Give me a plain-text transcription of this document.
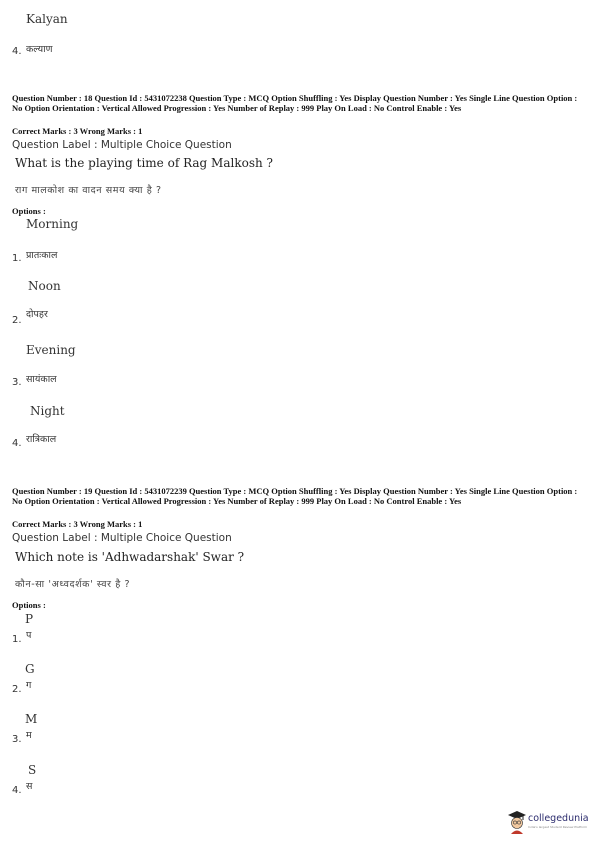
Kalyan
4. कल्याण
Question Number : 18 Question Id : 5431072238 Question Type : MCQ Option Shuffling : Yes Display Question Number : Yes Single Line Question Option : No Option Orientation : Vertical Allowed Progression : Yes Number of Replay : 999 Play On Load : No Control Enable : Yes
Correct Marks : 3 Wrong Marks : 1
Question Label : Multiple Choice Question
What is the playing time of Rag Malkosh ?
राग मालकोश का वादन समय क्या है ?
Options :
Morning
1. प्रातःकाल
Noon
2.
दोपहर
Evening
3. सायंकाल
Night
4. रात्रिकाल
Question Number : 19 Question Id : 5431072239 Question Type : MCQ Option Shuffling : Yes Display Question Number : Yes Single Line Question Option : No Option Orientation : Vertical Allowed Progression : Yes Number of Replay : 999 Play On Load : No Control Enable : Yes
Correct Marks : 3 Wrong Marks : 1
Question Label : Multiple Choice Question
Which note is 'Adhwadarshak' Swar ?
कौन-सा 'अध्वदर्शक' स्वर है ?
Options :
P
1. प
G
2. ग
M
3. म
S
4. स
collegedunia
India's largest Student Review Platform
